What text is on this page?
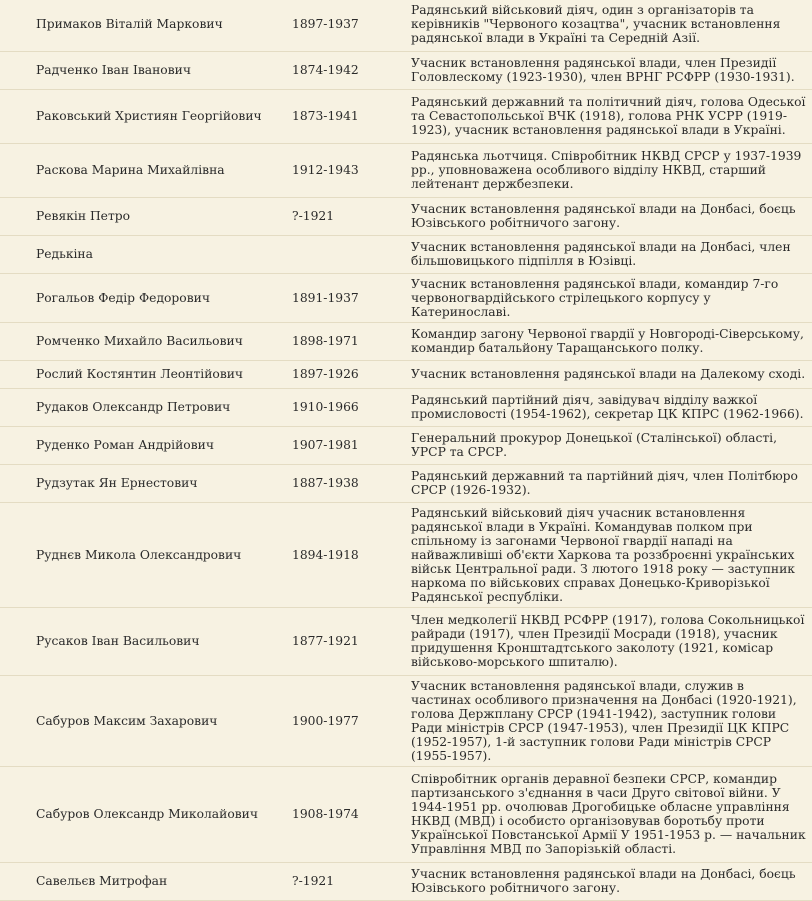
Примаков Віталій Маркович	1897-1937	Радянський військовий діяч, один з організаторів та керівників "Червоного козацтва", учасник встановлення радянської влади в Україні та Середній Азії.
Радченко Іван Іванович	1874-1942	Учасник встановлення радянської влади, член Президії Головлескому (1923-1930), член ВРНГ РСФРР (1930-1931).
Раковський Християн Георгійович	1873-1941	Радянський державний та політичний діяч, голова Одеської та Севастопольської ВЧК (1918), голова РНК УСРР (1919-1923), учасник встановлення радянської влади в Україні.
Раскова Марина Михайлівна	1912-1943	Радянська льотчиця. Співробітник НКВД СРСР у 1937-1939 рр., уповноважена особливого відділу НКВД, старший лейтенант держбезпеки.
Ревякін Петро	?-1921	Учасник встановлення радянської влади на Донбасі, боєць Юзівського робітничого загону.
Редькіна		Учасник встановлення радянської влади на Донбасі, член більшовицького підпілля в Юзівці.
Рогальов Федір Федорович	1891-1937	Учасник встановлення радянської влади, командир 7-го червоногвардійського стрілецького корпусу у Катеринославі.
Ромченко Михайло Васильович	1898-1971	Командир загону Червоної гвардії у Новгороді-Сіверському, командир батальйону Таращанського полку.
Рослий Костянтин Леонтійович	1897-1926	Учасник встановлення радянської влади на Далекому сході.
Рудаков Олександр Петрович	1910-1966	Радянський партійний діяч, завідувач відділу важкої промисловості (1954-1962), секретар ЦК КПРС (1962-1966).
Руденко Роман Андрійович	1907-1981	Генеральний прокурор Донецької (Сталінської) області, УРСР та СРСР.
Рудзутак Ян Ернестович	1887-1938	Радянський державний та партійний діяч, член Політбюро СРСР (1926-1932).
Руднєв Микола Олександрович	1894-1918	Радянський військовий діяч учасник встановлення радянської влади в Україні. Командував полком при спільному із загонами Червоної гвардії нападі на найважливіші об'єкти Харкова та роззброєнні українських військ Центральної ради. З лютого 1918 року — заступник наркома по військових справах Донецько-Криворізької Радянської республіки.
Русаков Іван Васильович	1877-1921	Член медколегії НКВД РСФРР (1917), голова Сокольницької райради (1917), член Президії Мосради (1918), учасник придушення Кронштадтського заколоту (1921, комісар військово-морського шпиталю).
Сабуров Максим Захарович	1900-1977	Учасник встановлення радянської влади, служив в частинах особливого призначення на Донбасі (1920-1921), голова Держплану СРСР (1941-1942), заступник голови Ради міністрів СРСР (1947-1953), член Президії ЦК КПРС (1952-1957), 1-й заступник голови Ради міністрів СРСР (1955-1957).
Сабуров Олександр Миколайович	1908-1974	Співробітник органів деравної безпеки СРСР, командир партизанського з'єднання в часи Друго світової війни. У 1944-1951 рр. очолював Дрогобицьке обласне управління НКВД (МВД) і особисто організовував боротьбу проти Української Повстанської Армії У 1951-1953 р. — начальник Управління МВД по Запорізькій області.
Савельєв Митрофан	?-1921	Учасник встановлення радянської влади на Донбасі, боєць Юзівського робітничого загону.
